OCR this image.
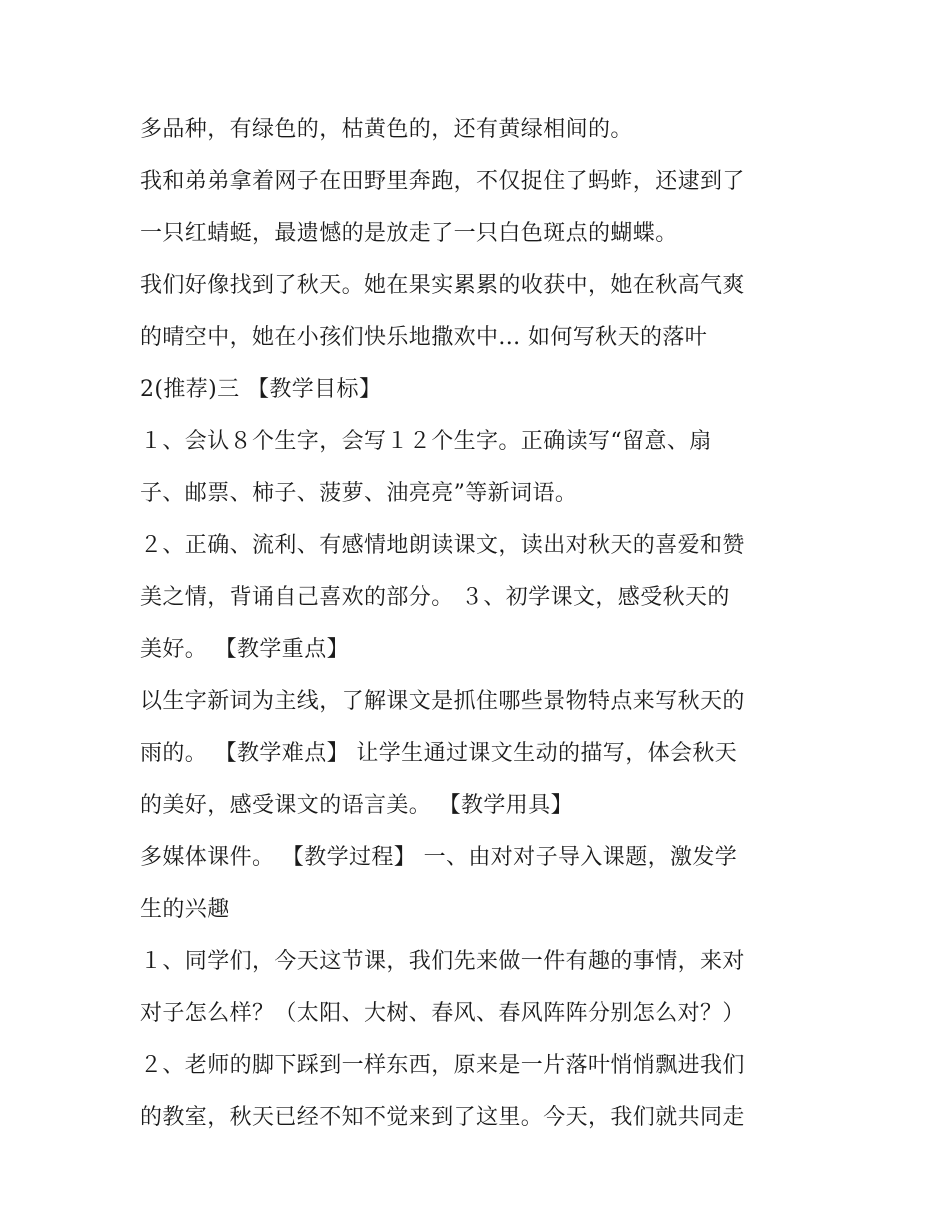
多品种，有绿色的，枯黄色的，还有黄绿相间的。
我和弟弟拿着网子在田野里奔跑，不仅捉住了蚂蚱，还逮到了
一只红蜻蜓，最遗憾的是放走了一只白色斑点的蝴蝶。
我们好像找到了秋天。她在果实累累的收获中，她在秋高气爽
的晴空中，她在小孩们快乐地撒欢中... 如何写秋天的落叶
2(推荐)三 【教学目标】
１、会认８个生字，会写１２个生字。正确读写“留意、扇
子、邮票、柿子、菠萝、油亮亮”等新词语。
２、正确、流利、有感情地朗读课文，读出对秋天的喜爱和赞
美之情，背诵自己喜欢的部分。 ３、初学课文，感受秋天的
美好。 【教学重点】
以生字新词为主线，了解课文是抓住哪些景物特点来写秋天的
雨的。 【教学难点】 让学生通过课文生动的描写，体会秋天
的美好，感受课文的语言美。 【教学用具】
多媒体课件。 【教学过程】 一、由对对子导入课题，激发学
生的兴趣
１、同学们，今天这节课，我们先来做一件有趣的事情，来对
对子怎么样？（太阳、大树、春风、春风阵阵分别怎么对？）
２、老师的脚下踩到一样东西，原来是一片落叶悄悄飘进我们
的教室，秋天已经不知不觉来到了这里。今天，我们就共同走
